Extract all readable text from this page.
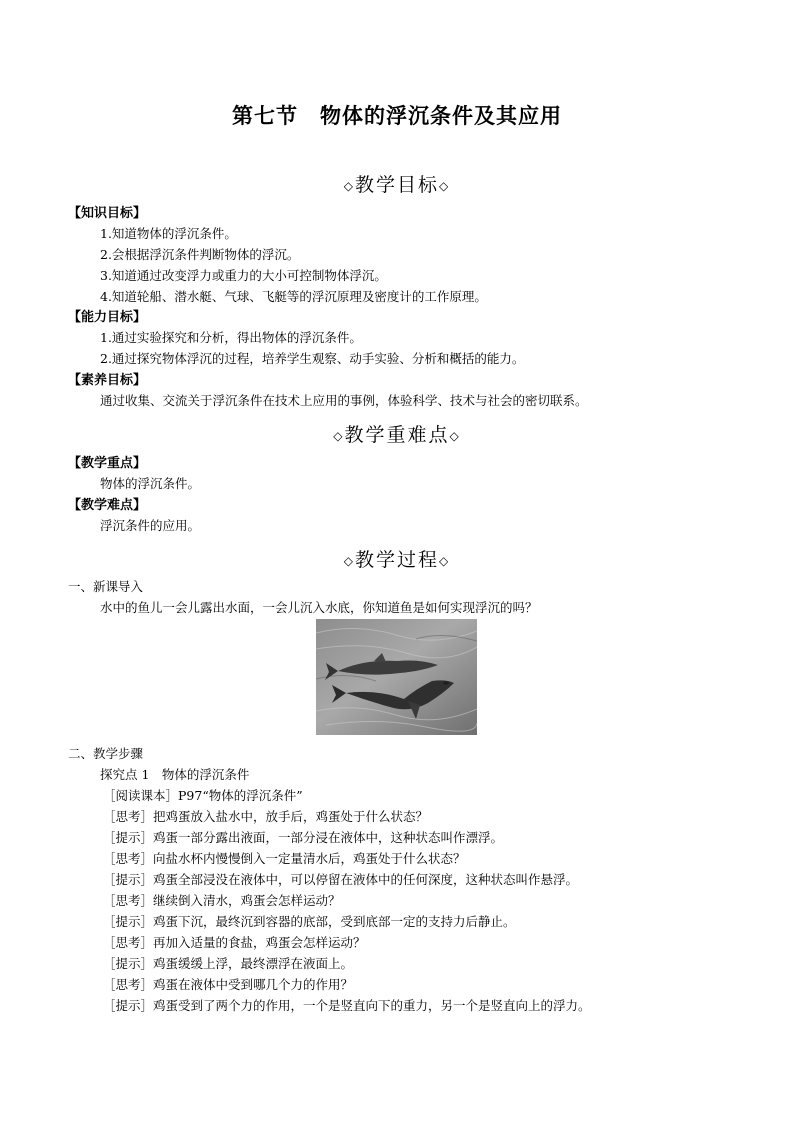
第七节 物体的浮沉条件及其应用
◇教学目标◇
【知识目标】
1.知道物体的浮沉条件。
2.会根据浮沉条件判断物体的浮沉。
3.知道通过改变浮力或重力的大小可控制物体浮沉。
4.知道轮船、潜水艇、气球、飞艇等的浮沉原理及密度计的工作原理。
【能力目标】
1.通过实验探究和分析，得出物体的浮沉条件。
2.通过探究物体浮沉的过程，培养学生观察、动手实验、分析和概括的能力。
【素养目标】
通过收集、交流关于浮沉条件在技术上应用的事例，体验科学、技术与社会的密切联系。
◇教学重难点◇
【教学重点】
物体的浮沉条件。
【教学难点】
浮沉条件的应用。
◇教学过程◇
一、新课导入
水中的鱼儿一会儿露出水面，一会儿沉入水底，你知道鱼是如何实现浮沉的吗？
二、教学步骤
探究点 1　物体的浮沉条件
［阅读课本］P97“物体的浮沉条件”
［思考］把鸡蛋放入盐水中，放手后，鸡蛋处于什么状态？
［提示］鸡蛋一部分露出液面，一部分浸在液体中，这种状态叫作漂浮。
［思考］向盐水杯内慢慢倒入一定量清水后，鸡蛋处于什么状态？
［提示］鸡蛋全部浸没在液体中，可以停留在液体中的任何深度，这种状态叫作悬浮。
［思考］继续倒入清水，鸡蛋会怎样运动？
［提示］鸡蛋下沉，最终沉到容器的底部，受到底部一定的支持力后静止。
［思考］再加入适量的食盐，鸡蛋会怎样运动？
［提示］鸡蛋缓缓上浮，最终漂浮在液面上。
［思考］鸡蛋在液体中受到哪几个力的作用？
［提示］鸡蛋受到了两个力的作用，一个是竖直向下的重力，另一个是竖直向上的浮力。
